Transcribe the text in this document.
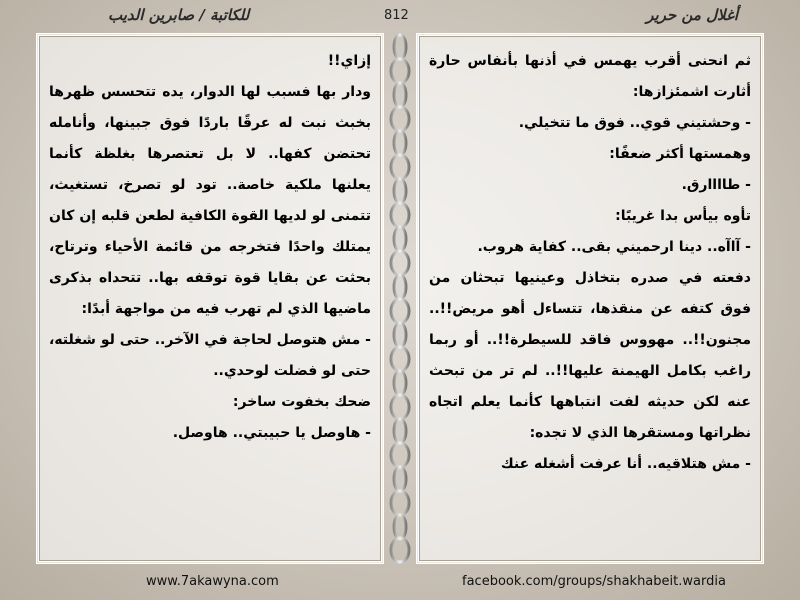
للكاتبة / صابرين الديب	812	أغلال من حرير

إزاي!!

ودار بها فسبب لها الدوار، يده تتحسس ظهرها بخبث نبت له عرقًا باردًا فوق جبينها، وأنامله تحتضن كفها.. لا بل تعتصرها بغلظة كأنما يعلنها ملكية خاصة.. تود لو تصرخ، تستغيث، تتمنى لو لديها القوة الكافية لطعن قلبه إن كان يمتلك واحدًا فتخرجه من قائمة الأحياء وترتاح، بحثت عن بقايا قوة توقفه بها.. تتحداه بذكرى ماضيها الذي لم تهرب فيه من مواجهة أبدًا:

- مش هتوصل لحاجة في الآخر.. حتى لو شغلته، حتى لو فضلت لوحدي..

ضحك بخفوت ساخر:

- هاوصل يا حبيبتي.. هاوصل.

ثم انحنى أقرب يهمس في أذنها بأنفاس حارة أثارت اشمئزازها:

- وحشتيني قوي.. فوق ما تتخيلي.

وهمستها أكثر ضعفًا:

- طاااارق.

تأوه بيأس بدا غريبًا:

- آاآه.. دينا ارحميني بقى.. كفاية هروب.

دفعته في صدره بتخاذل وعينيها تبحثان من فوق كتفه عن منقذها، تتساءل أهو مريض!!.. مجنون!!.. مهووس فاقد للسيطرة!!.. أو ربما راغب بكامل الهيمنة عليها!!.. لم تر من تبحث عنه لكن حديثه لفت انتباهها كأنما يعلم اتجاه نظراتها ومستقرها الذي لا تجده:

- مش هتلاقيه.. أنا عرفت أشغله عنك

www.7akawyna.com	facebook.com/groups/shakhabeit.wardia
